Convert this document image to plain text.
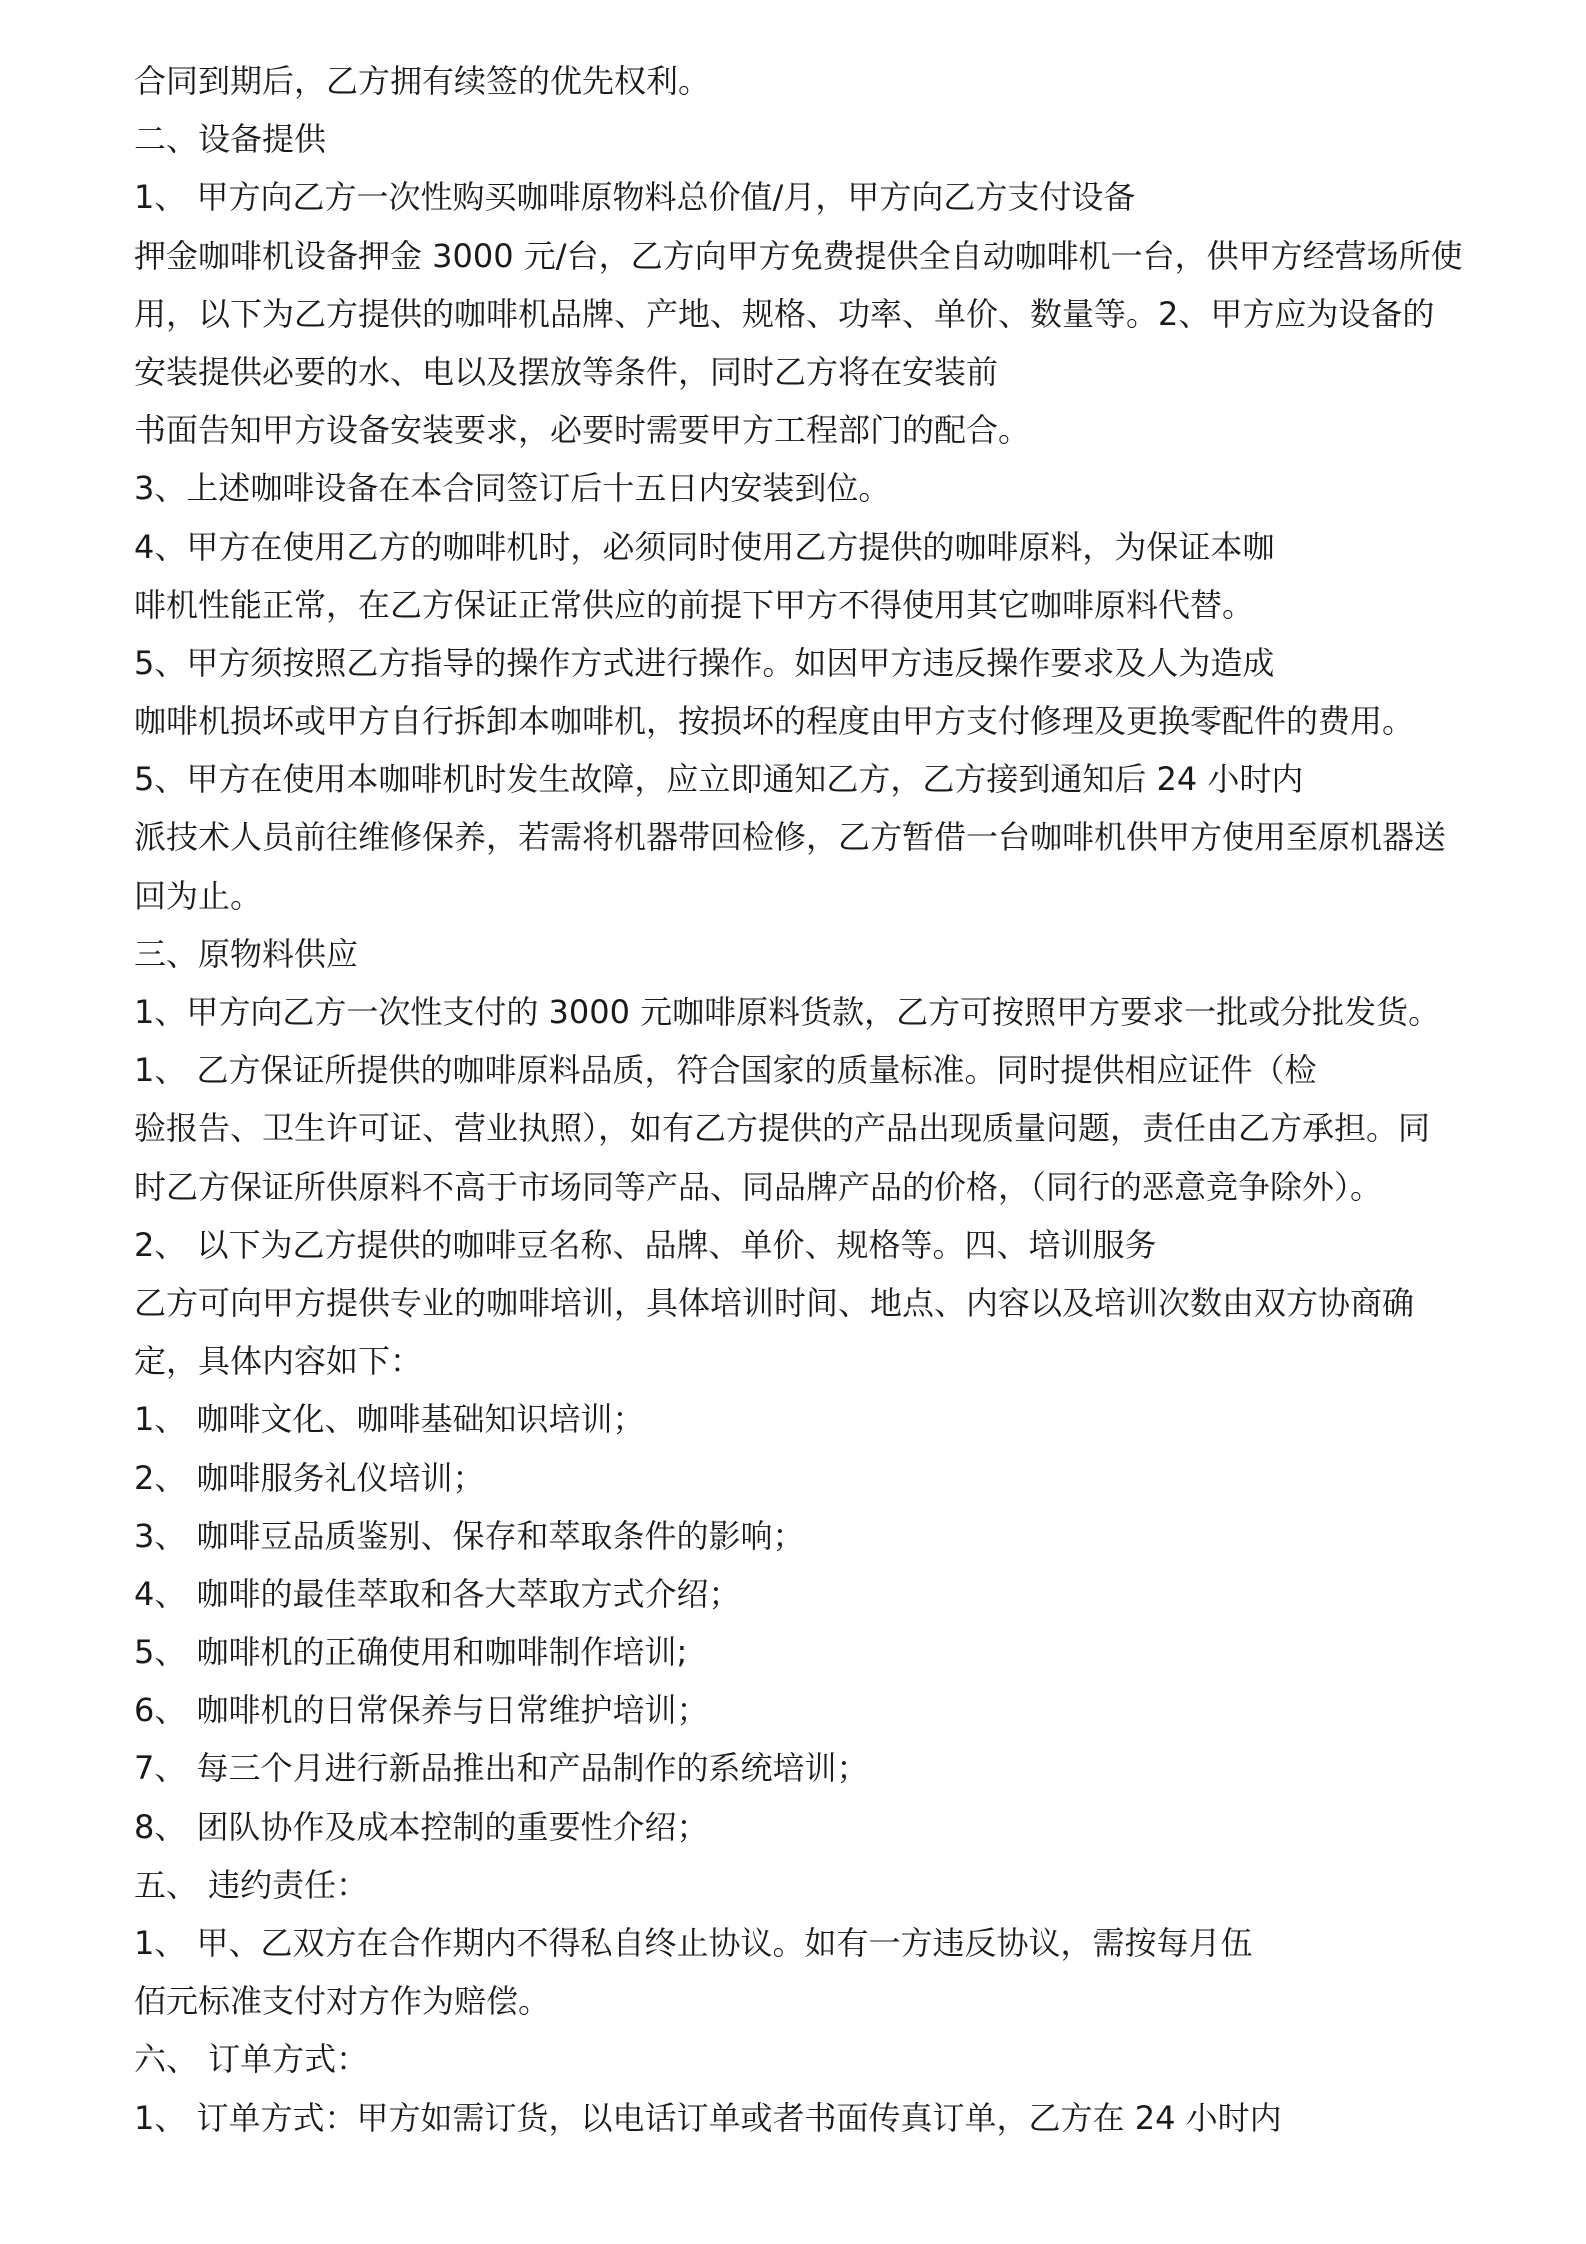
合同到期后，乙方拥有续签的优先权利。
二、设备提供
1、 甲方向乙方一次性购买咖啡原物料总价值/月，甲方向乙方支付设备
押金咖啡机设备押金 3000 元/台，乙方向甲方免费提供全自动咖啡机一台，供甲方经营场所使
用，以下为乙方提供的咖啡机品牌、产地、规格、功率、单价、数量等。2、甲方应为设备的
安装提供必要的水、电以及摆放等条件，同时乙方将在安装前
书面告知甲方设备安装要求，必要时需要甲方工程部门的配合。
3、上述咖啡设备在本合同签订后十五日内安装到位。
4、甲方在使用乙方的咖啡机时，必须同时使用乙方提供的咖啡原料，为保证本咖
啡机性能正常，在乙方保证正常供应的前提下甲方不得使用其它咖啡原料代替。
5、甲方须按照乙方指导的操作方式进行操作。如因甲方违反操作要求及人为造成
咖啡机损坏或甲方自行拆卸本咖啡机，按损坏的程度由甲方支付修理及更换零配件的费用。
5、甲方在使用本咖啡机时发生故障，应立即通知乙方，乙方接到通知后 24 小时内
派技术人员前往维修保养，若需将机器带回检修，乙方暂借一台咖啡机供甲方使用至原机器送
回为止。
三、原物料供应
1、甲方向乙方一次性支付的 3000 元咖啡原料货款，乙方可按照甲方要求一批或分批发货。
1、 乙方保证所提供的咖啡原料品质，符合国家的质量标准。同时提供相应证件（检
验报告、卫生许可证、营业执照），如有乙方提供的产品出现质量问题，责任由乙方承担。同
时乙方保证所供原料不高于市场同等产品、同品牌产品的价格，（同行的恶意竞争除外）。
2、 以下为乙方提供的咖啡豆名称、品牌、单价、规格等。四、培训服务
乙方可向甲方提供专业的咖啡培训，具体培训时间、地点、内容以及培训次数由双方协商确
定，具体内容如下：
1、 咖啡文化、咖啡基础知识培训；
2、 咖啡服务礼仪培训；
3、 咖啡豆品质鉴别、保存和萃取条件的影响；
4、 咖啡的最佳萃取和各大萃取方式介绍；
5、 咖啡机的正确使用和咖啡制作培训;
6、 咖啡机的日常保养与日常维护培训；
7、 每三个月进行新品推出和产品制作的系统培训；
8、 团队协作及成本控制的重要性介绍；
五、 违约责任：
1、 甲、乙双方在合作期内不得私自终止协议。如有一方违反协议，需按每月伍
佰元标准支付对方作为赔偿。
六、 订单方式：
1、 订单方式：甲方如需订货，以电话订单或者书面传真订单，乙方在 24 小时内
